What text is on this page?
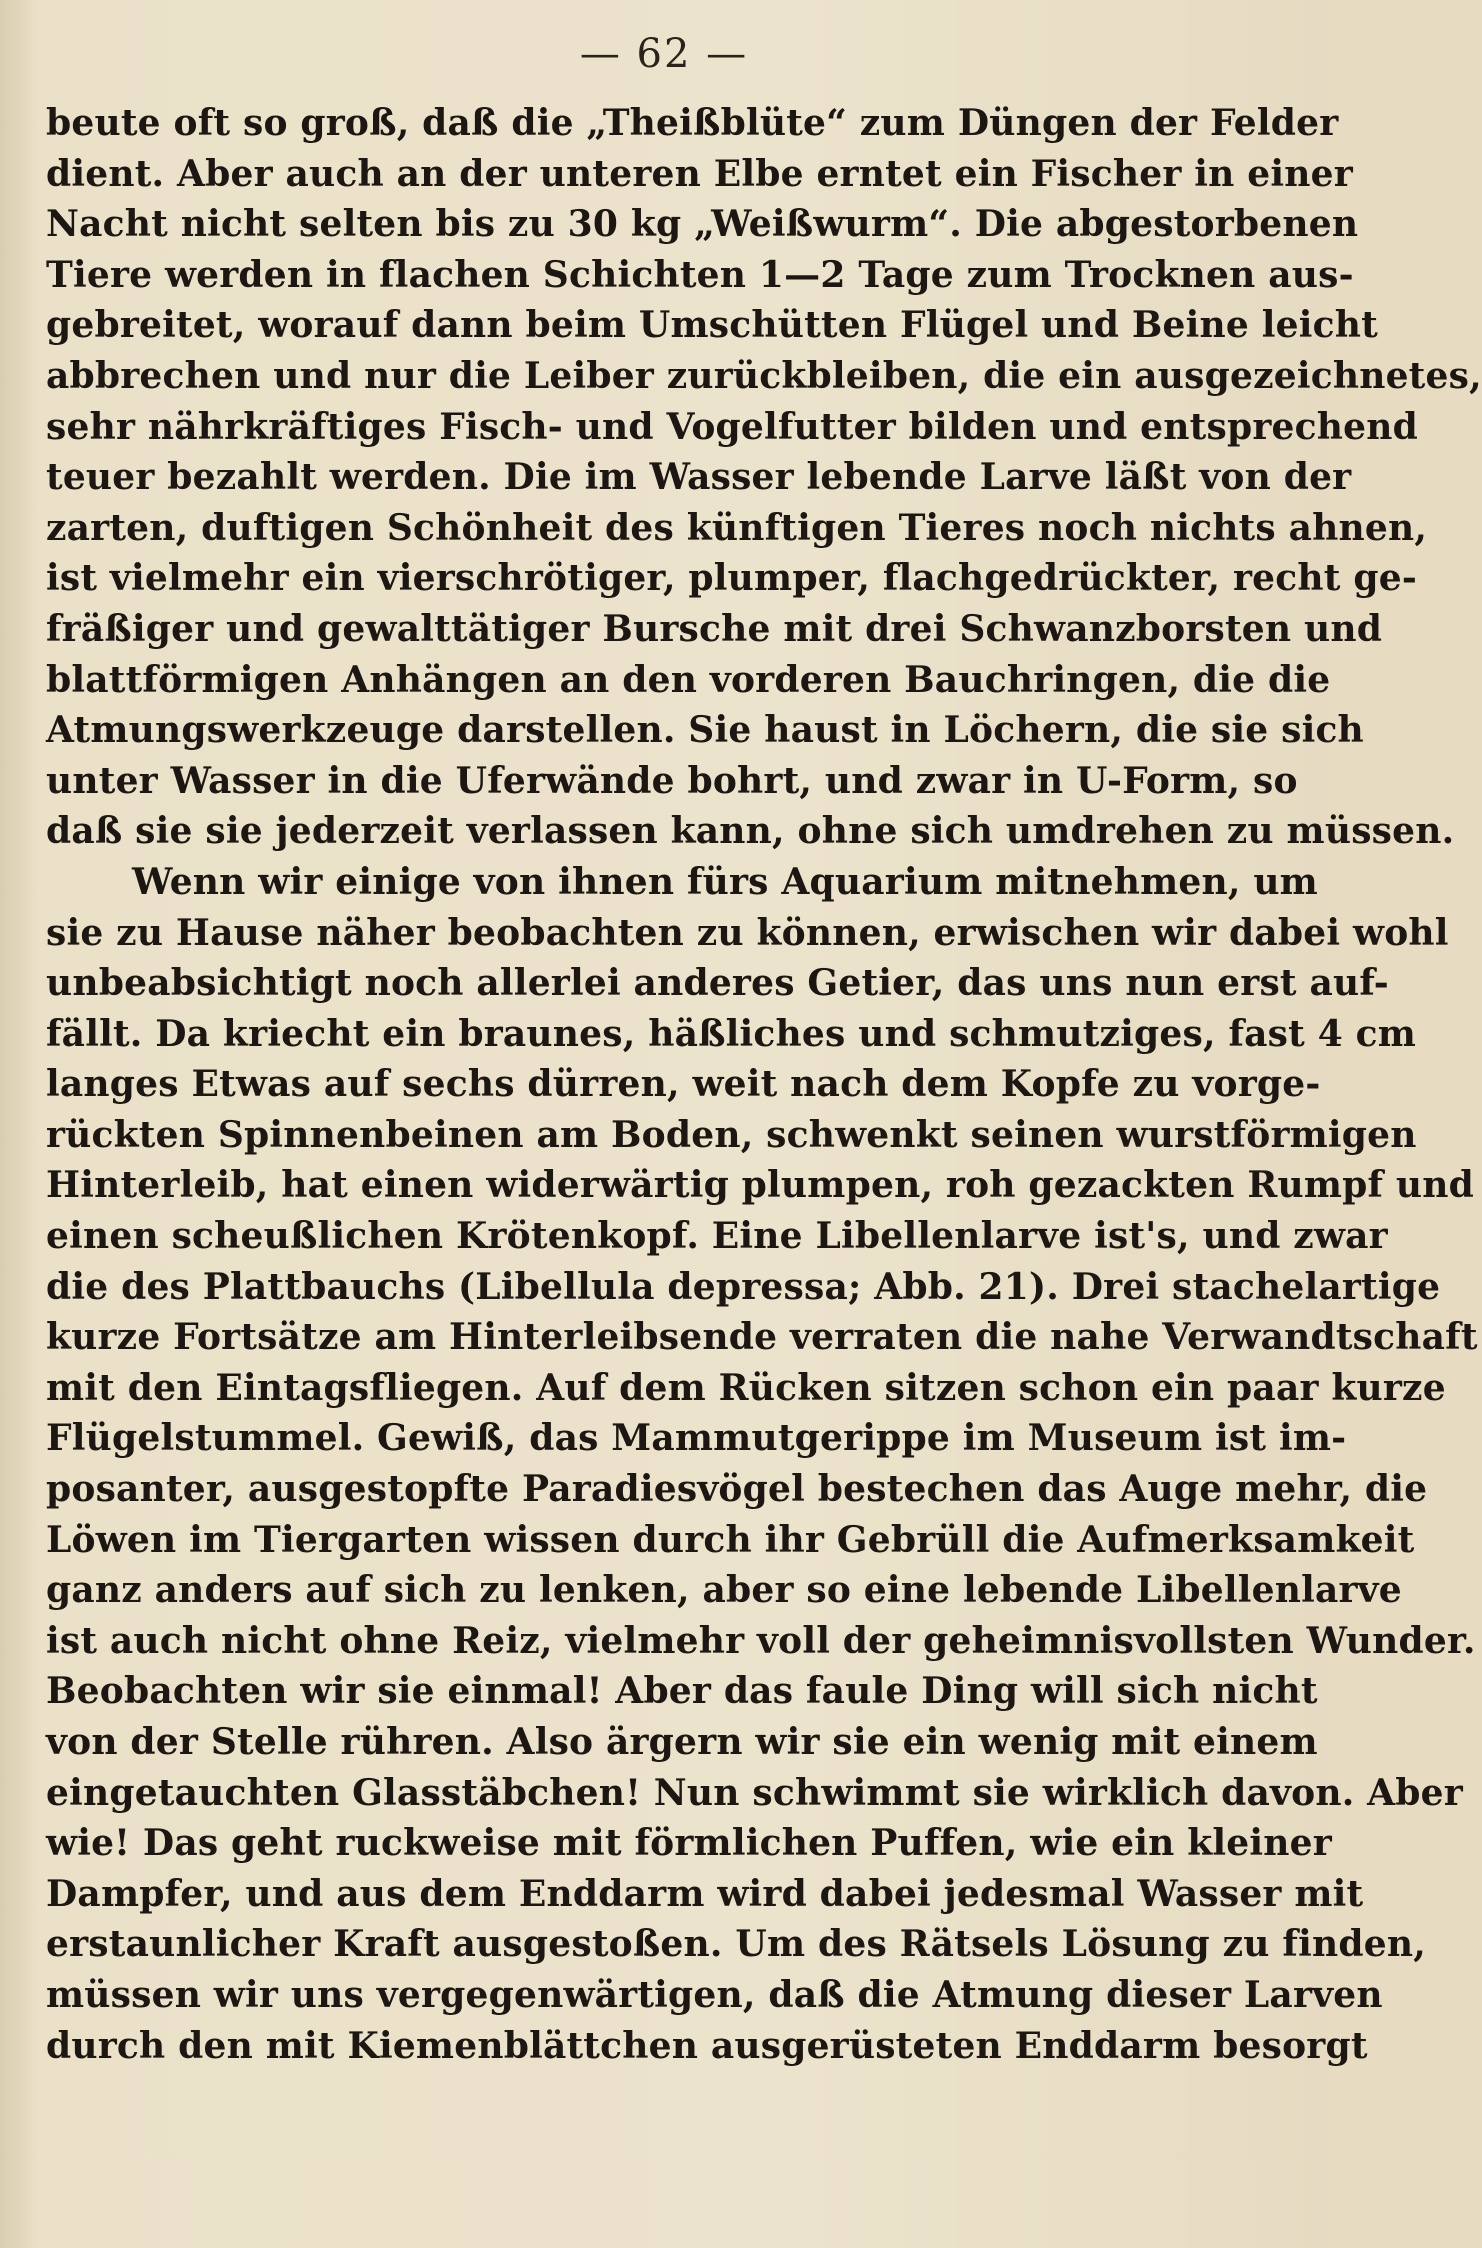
— 62 —
beute oft so groß, daß die „Theißblüte“ zum Düngen der Felder
dient. Aber auch an der unteren Elbe erntet ein Fischer in einer
Nacht nicht selten bis zu 30 kg „Weißwurm“. Die abgestorbenen
Tiere werden in flachen Schichten 1—2 Tage zum Trocknen aus-
gebreitet, worauf dann beim Umschütten Flügel und Beine leicht
abbrechen und nur die Leiber zurückbleiben, die ein ausgezeichnetes,
sehr nährkräftiges Fisch- und Vogelfutter bilden und entsprechend
teuer bezahlt werden. Die im Wasser lebende Larve läßt von der
zarten, duftigen Schönheit des künftigen Tieres noch nichts ahnen,
ist vielmehr ein vierschrötiger, plumper, flachgedrückter, recht ge-
fräßiger und gewalttätiger Bursche mit drei Schwanzborsten und
blattförmigen Anhängen an den vorderen Bauchringen, die die
Atmungswerkzeuge darstellen. Sie haust in Löchern, die sie sich
unter Wasser in die Uferwände bohrt, und zwar in U-Form, so
daß sie sie jederzeit verlassen kann, ohne sich umdrehen zu müssen.
Wenn wir einige von ihnen fürs Aquarium mitnehmen, um
sie zu Hause näher beobachten zu können, erwischen wir dabei wohl
unbeabsichtigt noch allerlei anderes Getier, das uns nun erst auf-
fällt. Da kriecht ein braunes, häßliches und schmutziges, fast 4 cm
langes Etwas auf sechs dürren, weit nach dem Kopfe zu vorge-
rückten Spinnenbeinen am Boden, schwenkt seinen wurstförmigen
Hinterleib, hat einen widerwärtig plumpen, roh gezackten Rumpf und
einen scheußlichen Krötenkopf. Eine Libellenlarve ist's, und zwar
die des Plattbauchs (Libellula depressa; Abb. 21). Drei stachelartige
kurze Fortsätze am Hinterleibsende verraten die nahe Verwandtschaft
mit den Eintagsfliegen. Auf dem Rücken sitzen schon ein paar kurze
Flügelstummel. Gewiß, das Mammutgerippe im Museum ist im-
posanter, ausgestopfte Paradiesvögel bestechen das Auge mehr, die
Löwen im Tiergarten wissen durch ihr Gebrüll die Aufmerksamkeit
ganz anders auf sich zu lenken, aber so eine lebende Libellenlarve
ist auch nicht ohne Reiz, vielmehr voll der geheimnisvollsten Wunder.
Beobachten wir sie einmal! Aber das faule Ding will sich nicht
von der Stelle rühren. Also ärgern wir sie ein wenig mit einem
eingetauchten Glasstäbchen! Nun schwimmt sie wirklich davon. Aber
wie! Das geht ruckweise mit förmlichen Puffen, wie ein kleiner
Dampfer, und aus dem Enddarm wird dabei jedesmal Wasser mit
erstaunlicher Kraft ausgestoßen. Um des Rätsels Lösung zu finden,
müssen wir uns vergegenwärtigen, daß die Atmung dieser Larven
durch den mit Kiemenblättchen ausgerüsteten Enddarm besorgt
